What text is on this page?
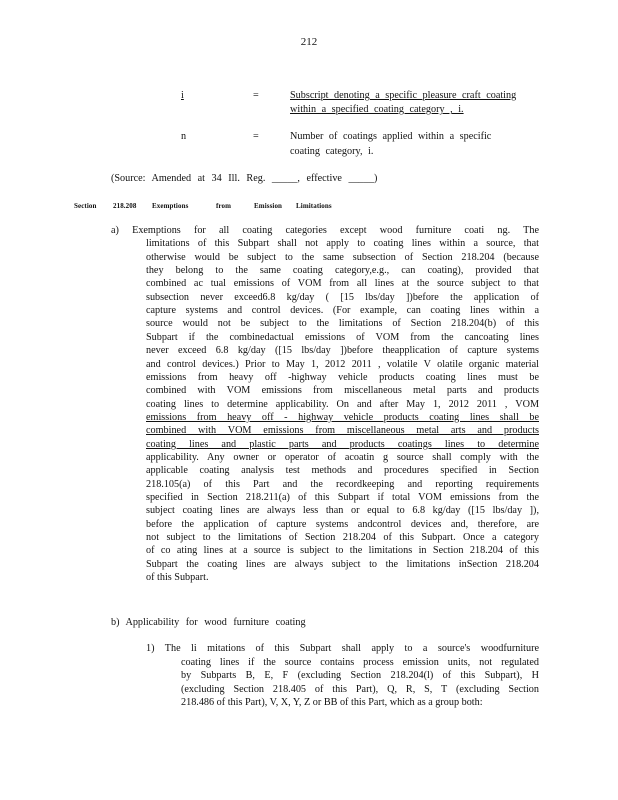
212
i	=	Subscript denoting a specific pleasure craft coating
within a specified coating category , i.
n	=	Number of coatings applied within a specific
coating category, i.
(Source: Amended at 34 Ill. Reg. _____, effective _____)
Section 218.208 Exemptions	from	Emission Limitations
a) Exemptions for all coating categories except wood furniture coati ng. The
limitations of this Subpart shall not apply to coating lines within a source, that
otherwise would be subject to the same subsection of Section 218.204 (because
they belong to the same coating category,e.g., can coating), provided that
combined ac tual emissions of VOM from all lines at the source subject to that
subsection never exceed6.8 kg/day ( [15 lbs/day ])before the application of
capture systems and control devices. (For example, can coating lines within a
source would not be subject to the limitations of Section 218.204(b) of this
Subpart if the combinedactual emissions of VOM from the cancoating lines
never exceed 6.8 kg/day ([15 lbs/day ])before theapplication of capture systems
and control devices.) Prior to May 1, 2012 2011 , volatile V olatile organic material
emissions from heavy off -highway vehicle products coating lines must be
combined with VOM emissions from miscellaneous metal parts and products
coating lines to determine applicability. On and after May 1, 2012 2011 , VOM
emissions from heavy off - highway vehicle products coating lines shall be
combined with VOM emissions from miscellaneous metal arts and products
coating lines and plastic parts and products coatings lines to determine
applicability. Any owner or operator of acoatin g source shall comply with the
applicable coating analysis test methods and procedures specified in Section
218.105(a) of this Part and the recordkeeping and reporting requirements
specified in Section 218.211(a) of this Subpart if total VOM emissions from the
subject coating lines are always less than or equal to 6.8 kg/day ([15 lbs/day ]),
before the application of capture systems andcontrol devices and, therefore, are
not subject to the limitations of Section 218.204 of this Subpart. Once a category
of co ating lines at a source is subject to the limitations in Section 218.204 of this
Subpart the coating lines are always subject to the limitations inSection 218.204
of this Subpart.
b) Applicability for wood furniture coating
1) The li mitations of this Subpart shall apply to a source's woodfurniture
coating lines if the source contains process emission units, not regulated
by Subparts B, E, F (excluding Section 218.204(l) of this Subpart), H
(excluding Section 218.405 of this Part), Q, R, S, T (excluding Section
218.486 of this Part), V, X, Y, Z or BB of this Part, which as a group both:
